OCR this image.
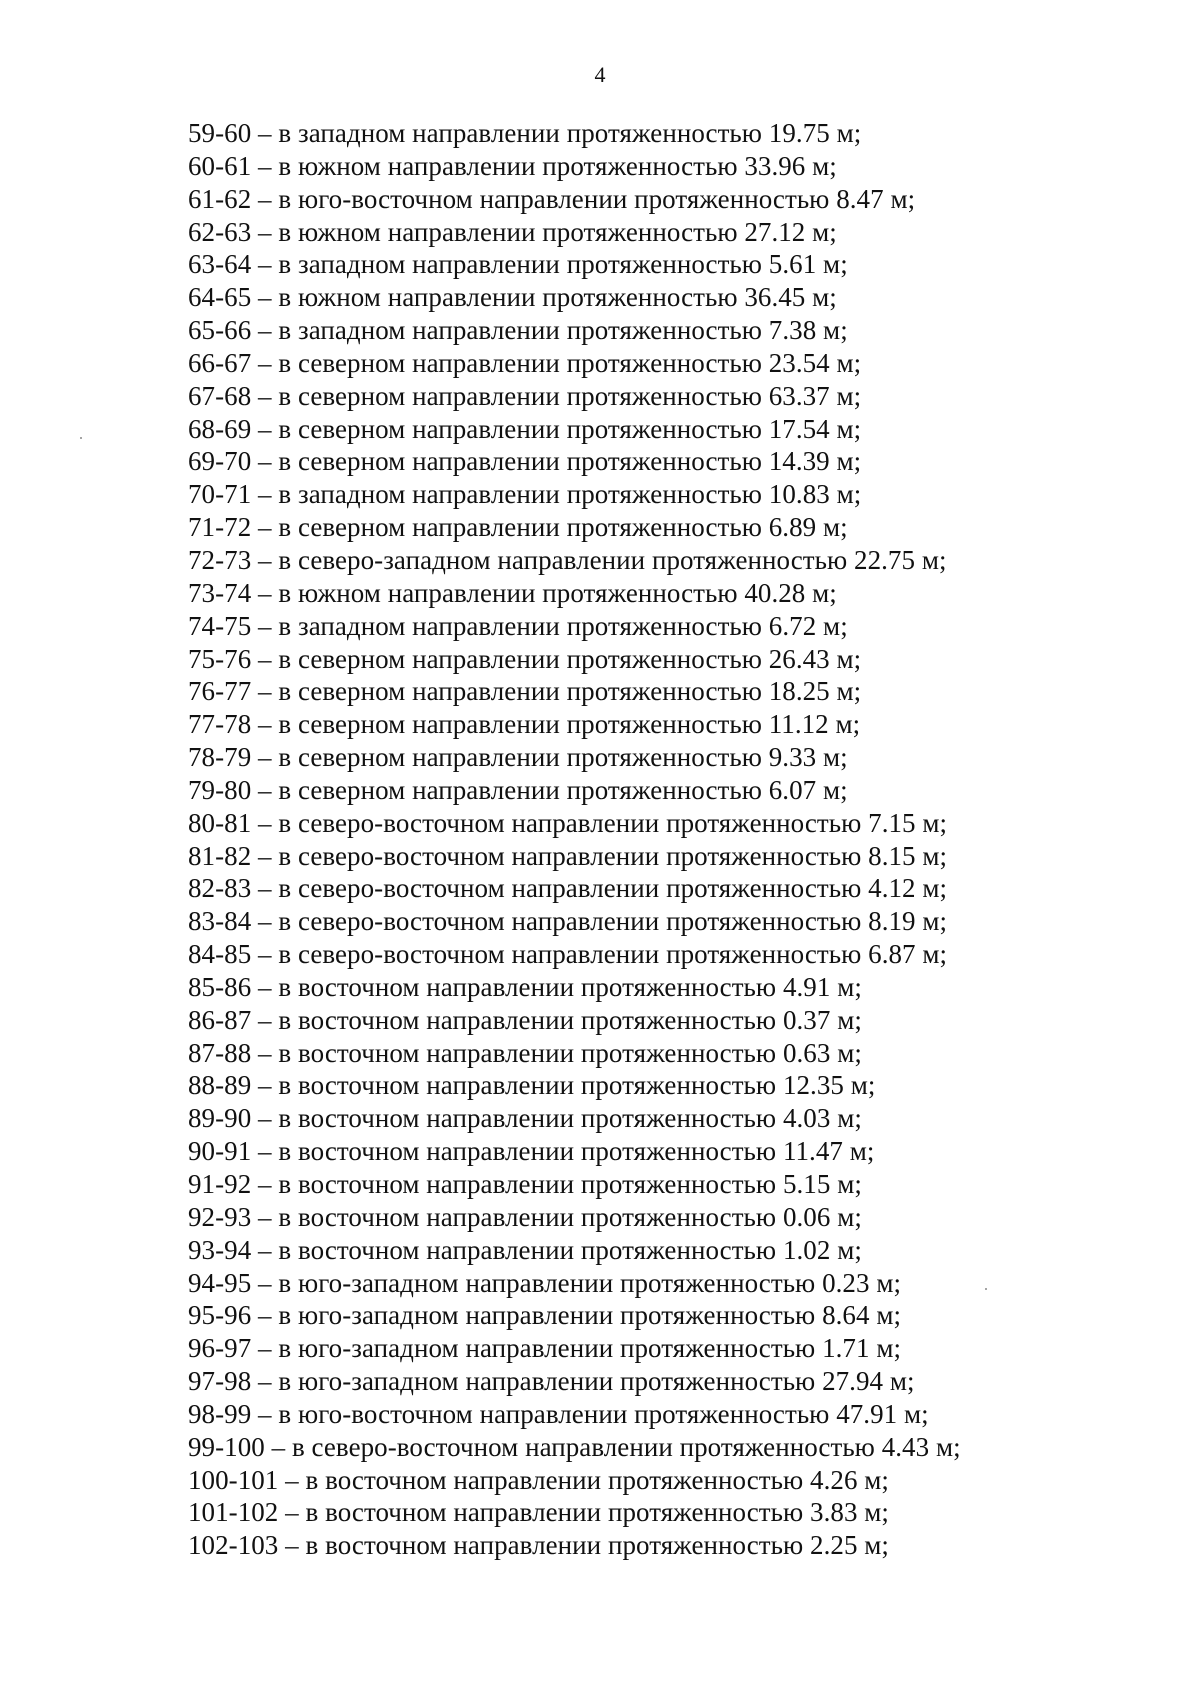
4
59-60 – в западном направлении протяженностью 19.75 м;
60-61 – в южном направлении протяженностью 33.96 м;
61-62 – в юго-восточном направлении протяженностью 8.47 м;
62-63 – в южном направлении протяженностью 27.12 м;
63-64 – в западном направлении протяженностью 5.61 м;
64-65 – в южном направлении протяженностью 36.45 м;
65-66 – в западном направлении протяженностью 7.38 м;
66-67 – в северном направлении протяженностью 23.54 м;
67-68 – в северном направлении протяженностью 63.37 м;
68-69 – в северном направлении протяженностью 17.54 м;
69-70 – в северном направлении протяженностью 14.39 м;
70-71 – в западном направлении протяженностью 10.83 м;
71-72 – в северном направлении протяженностью 6.89 м;
72-73 – в северо-западном направлении протяженностью 22.75 м;
73-74 – в южном направлении протяженностью 40.28 м;
74-75 – в западном направлении протяженностью 6.72 м;
75-76 – в северном направлении протяженностью 26.43 м;
76-77 – в северном направлении протяженностью 18.25 м;
77-78 – в северном направлении протяженностью 11.12 м;
78-79 – в северном направлении протяженностью 9.33 м;
79-80 – в северном направлении протяженностью 6.07 м;
80-81 – в северо-восточном направлении протяженностью 7.15 м;
81-82 – в северо-восточном направлении протяженностью 8.15 м;
82-83 – в северо-восточном направлении протяженностью 4.12 м;
83-84 – в северо-восточном направлении протяженностью 8.19 м;
84-85 – в северо-восточном направлении протяженностью 6.87 м;
85-86 – в восточном направлении протяженностью 4.91 м;
86-87 – в восточном направлении протяженностью 0.37 м;
87-88 – в восточном направлении протяженностью 0.63 м;
88-89 – в восточном направлении протяженностью 12.35 м;
89-90 – в восточном направлении протяженностью 4.03 м;
90-91 – в восточном направлении протяженностью 11.47 м;
91-92 – в восточном направлении протяженностью 5.15 м;
92-93 – в восточном направлении протяженностью 0.06 м;
93-94 – в восточном направлении протяженностью 1.02 м;
94-95 – в юго-западном направлении протяженностью 0.23 м;
95-96 – в юго-западном направлении протяженностью 8.64 м;
96-97 – в юго-западном направлении протяженностью 1.71 м;
97-98 – в юго-западном направлении протяженностью 27.94 м;
98-99 – в юго-восточном направлении протяженностью 47.91 м;
99-100 – в северо-восточном направлении протяженностью 4.43 м;
100-101 – в восточном направлении протяженностью 4.26 м;
101-102 – в восточном направлении протяженностью 3.83 м;
102-103 – в восточном направлении протяженностью 2.25 м;
